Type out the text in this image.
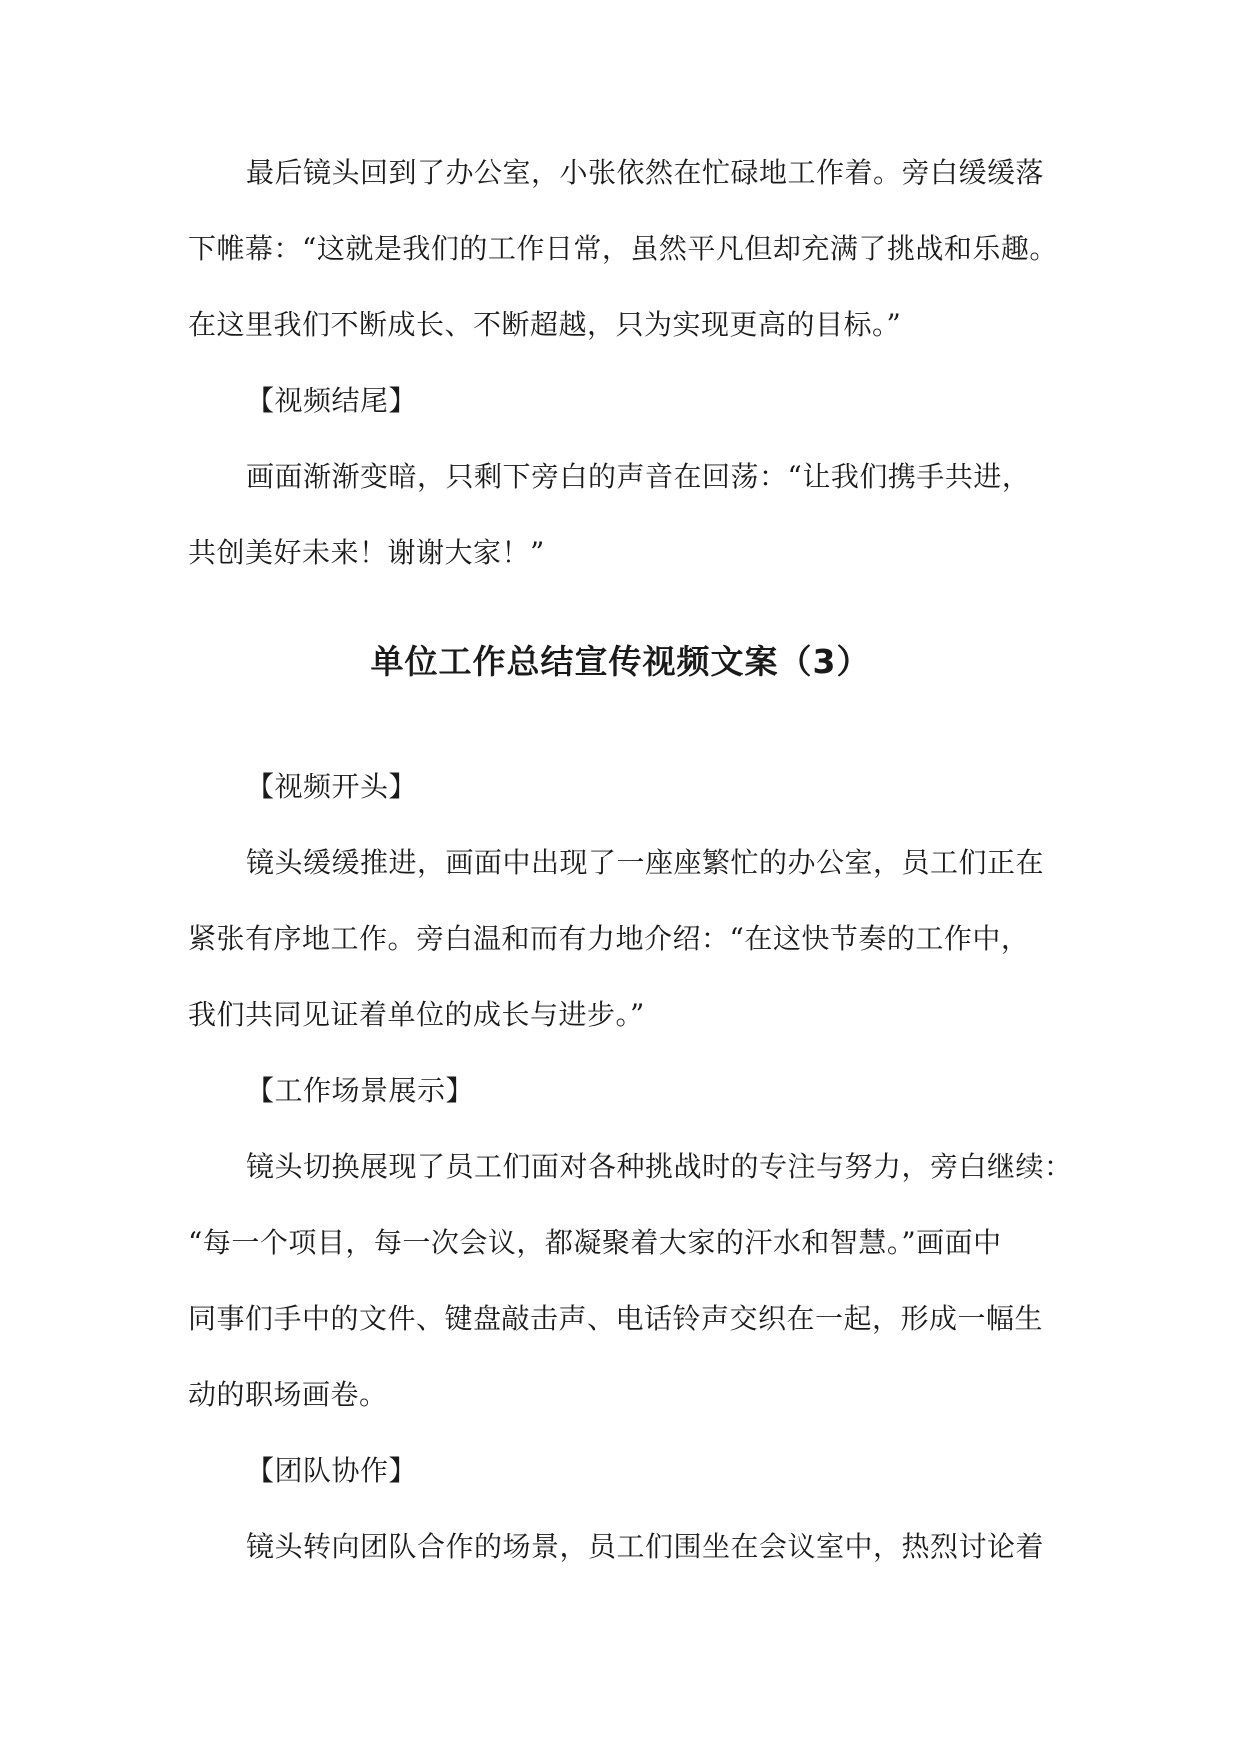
最后镜头回到了办公室，小张依然在忙碌地工作着。旁白缓缓落
下帷幕：“这就是我们的工作日常，虽然平凡但却充满了挑战和乐趣。
在这里我们不断成长、不断超越，只为实现更高的目标。”
【视频结尾】
画面渐渐变暗，只剩下旁白的声音在回荡：“让我们携手共进，
共创美好未来！谢谢大家！”
单位工作总结宣传视频文案（3）
【视频开头】
镜头缓缓推进，画面中出现了一座座繁忙的办公室，员工们正在
紧张有序地工作。旁白温和而有力地介绍：“在这快节奏的工作中，
我们共同见证着单位的成长与进步。”
【工作场景展示】
镜头切换展现了员工们面对各种挑战时的专注与努力，旁白继续：
“每一个项目，每一次会议，都凝聚着大家的汗水和智慧。”画面中
同事们手中的文件、键盘敲击声、电话铃声交织在一起，形成一幅生
动的职场画卷。
【团队协作】
镜头转向团队合作的场景，员工们围坐在会议室中，热烈讨论着
